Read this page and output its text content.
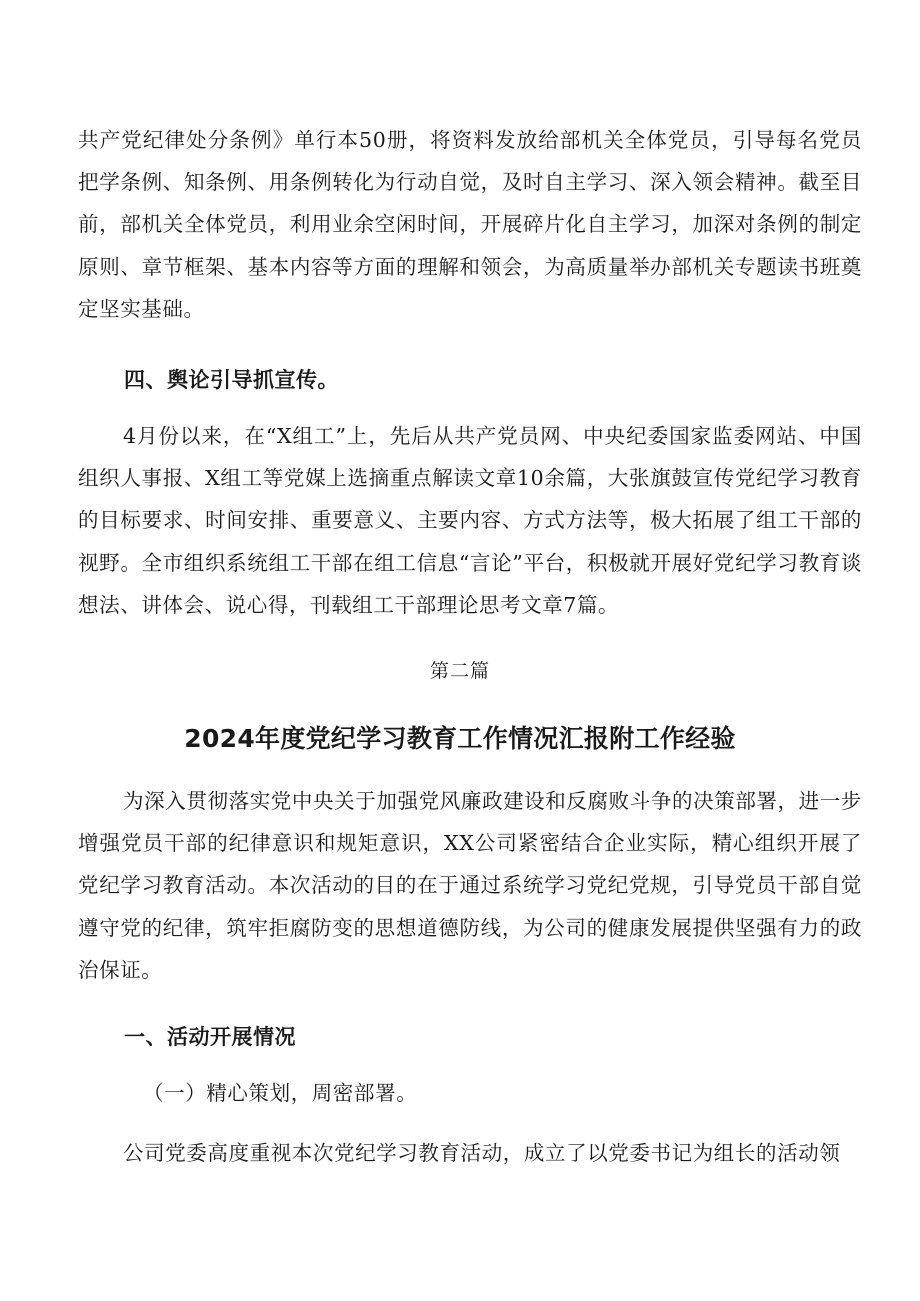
共产党纪律处分条例》单行本50册，将资料发放给部机关全体党员，引导每名党员把学条例、知条例、用条例转化为行动自觉，及时自主学习、深入领会精神。截至目前，部机关全体党员，利用业余空闲时间，开展碎片化自主学习，加深对条例的制定原则、章节框架、基本内容等方面的理解和领会，为高质量举办部机关专题读书班奠定坚实基础。

四、舆论引导抓宣传。

4月份以来，在“X组工”上，先后从共产党员网、中央纪委国家监委网站、中国组织人事报、X组工等党媒上选摘重点解读文章10余篇，大张旗鼓宣传党纪学习教育的目标要求、时间安排、重要意义、主要内容、方式方法等，极大拓展了组工干部的视野。全市组织系统组工干部在组工信息“言论”平台，积极就开展好党纪学习教育谈想法、讲体会、说心得，刊载组工干部理论思考文章7篇。

第二篇

2024年度党纪学习教育工作情况汇报附工作经验

为深入贯彻落实党中央关于加强党风廉政建设和反腐败斗争的决策部署，进一步增强党员干部的纪律意识和规矩意识，XX公司紧密结合企业实际，精心组织开展了党纪学习教育活动。本次活动的目的在于通过系统学习党纪党规，引导党员干部自觉遵守党的纪律，筑牢拒腐防变的思想道德防线，为公司的健康发展提供坚强有力的政治保证。

一、活动开展情况

（一）精心策划，周密部署。

公司党委高度重视本次党纪学习教育活动，成立了以党委书记为组长的活动领
